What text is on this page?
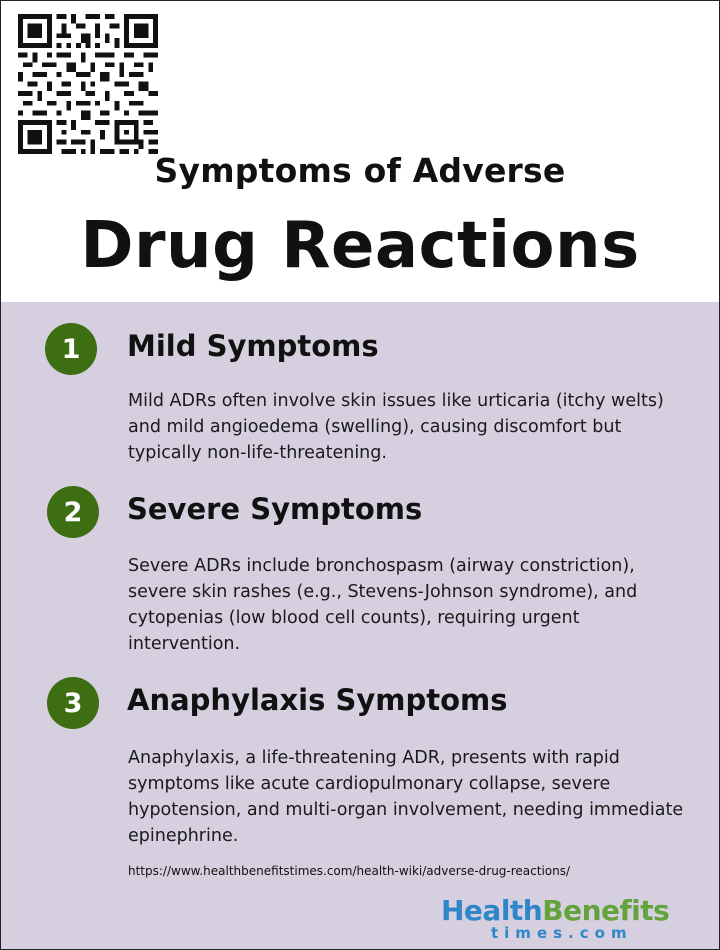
Symptoms of Adverse
Drug Reactions
1	Mild Symptoms
Mild ADRs often involve skin issues like urticaria (itchy welts) and mild angioedema (swelling), causing discomfort but typically non-life-threatening.
2	Severe Symptoms
Severe ADRs include bronchospasm (airway constriction), severe skin rashes (e.g., Stevens-Johnson syndrome), and cytopenias (low blood cell counts), requiring urgent intervention.
3	Anaphylaxis Symptoms
Anaphylaxis, a life-threatening ADR, presents with rapid symptoms like acute cardiopulmonary collapse, severe hypotension, and multi-organ involvement, needing immediate epinephrine.
https://www.healthbenefitstimes.com/health-wiki/adverse-drug-reactions/
HealthBenefits
times.com
